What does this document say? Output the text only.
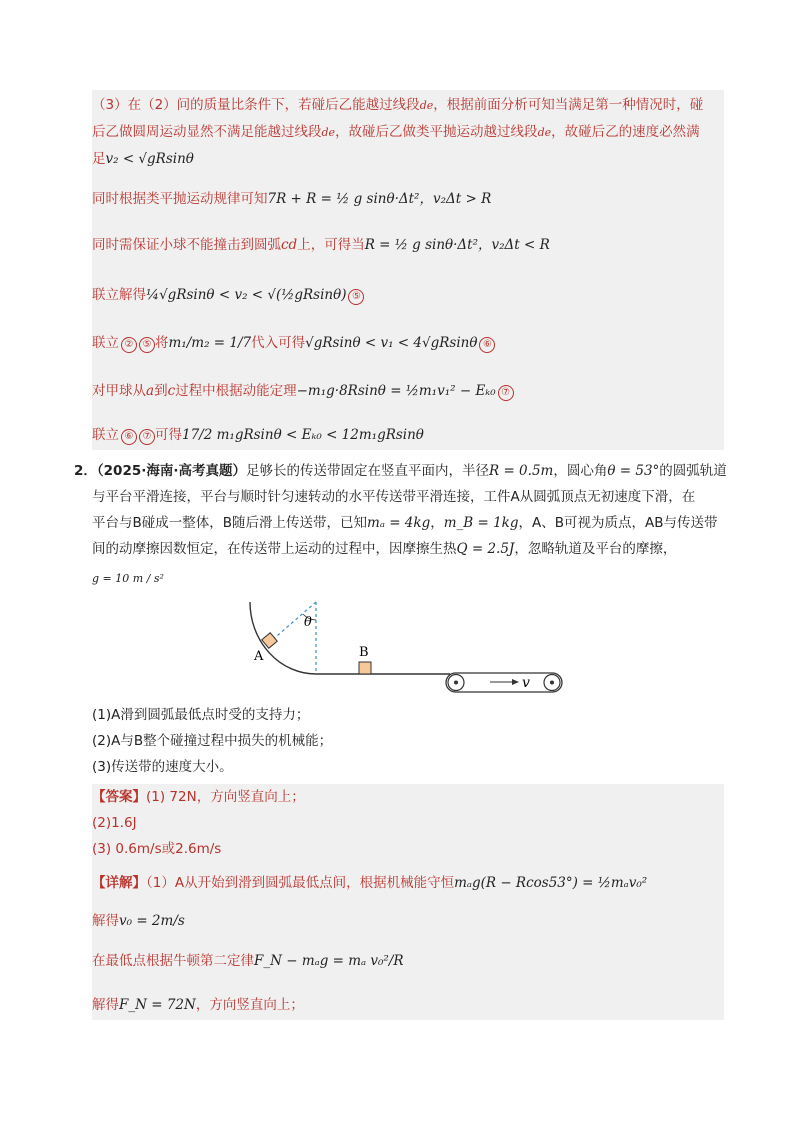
（3）在（2）问的质量比条件下，若碰后乙能越过线段de，根据前面分析可知当满足第一种情况时，碰
后乙做圆周运动显然不满足能越过线段de，故碰后乙做类平抛运动越过线段de，故碰后乙的速度必然满
足v₂ < √gRsinθ
同时根据类平抛运动规律可知7R + R = ½ g sinθ·Δt²，v₂Δt > R
同时需保证小球不能撞击到圆弧cd上，可得当R = ½ g sinθ·Δt²，v₂Δt < R
联立解得¼√gRsinθ < v₂ < √(½gRsinθ) ⑤
联立 ② ⑤ 将m₁/m₂ = 1/7代入可得√gRsinθ < v₁ < 4√gRsinθ ⑥
对甲球从a到c过程中根据动能定理−m₁g·8Rsinθ = ½m₁v₁² − Eₖ₀ ⑦
联立 ⑥ ⑦ 可得17/2 m₁gRsinθ < Eₖ₀ < 12m₁gRsinθ
2．（2025·海南·高考真题）足够长的传送带固定在竖直平面内，半径R = 0.5m，圆心角θ = 53°的圆弧轨道
与平台平滑连接，平台与顺时针匀速转动的水平传送带平滑连接，工件A从圆弧顶点无初速度下滑，在
平台与B碰成一整体，B随后滑上传送带，已知mₐ = 4kg，m_B = 1kg，A、B可视为质点，AB与传送带
间的动摩擦因数恒定，在传送带上运动的过程中，因摩擦生热Q = 2.5J，忽略轨道及平台的摩擦，
g = 10 m / s²
θ
A	B
v
(1)A滑到圆弧最低点时受的支持力；
(2)A与B整个碰撞过程中损失的机械能；
(3)传送带的速度大小。
【答案】(1) 72N，方向竖直向上；
(2)1.6J
(3) 0.6m/s或2.6m/s
【详解】（1）A从开始到滑到圆弧最低点间，根据机械能守恒mₐg(R − Rcos53°) = ½mₐv₀²
解得v₀ = 2m/s
在最低点根据牛顿第二定律F_N − mₐg = mₐ v₀²/R
解得F_N = 72N，方向竖直向上；
